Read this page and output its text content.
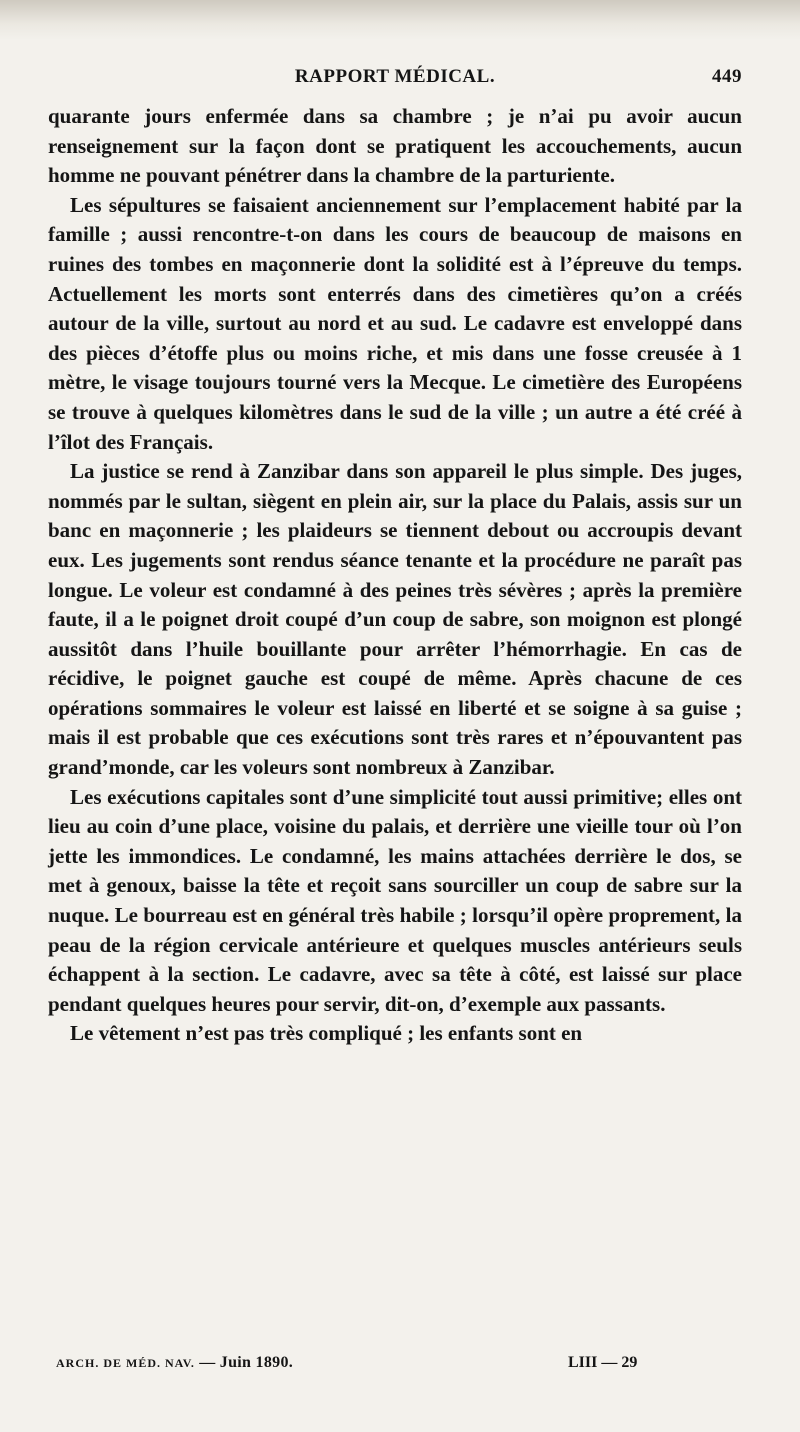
RAPPORT MÉDICAL.	449

quarante jours enfermée dans sa chambre ; je n’ai pu avoir aucun renseignement sur la façon dont se pratiquent les accouchements, aucun homme ne pouvant pénétrer dans la chambre de la parturiente.

Les sépultures se faisaient anciennement sur l’emplacement habité par la famille ; aussi rencontre-t-on dans les cours de beaucoup de maisons en ruines des tombes en maçonnerie dont la solidité est à l’épreuve du temps. Actuellement les morts sont enterrés dans des cimetières qu’on a créés autour de la ville, surtout au nord et au sud. Le cadavre est enveloppé dans des pièces d’étoffe plus ou moins riche, et mis dans une fosse creusée à 1 mètre, le visage toujours tourné vers la Mecque. Le cimetière des Européens se trouve à quelques kilomètres dans le sud de la ville ; un autre a été créé à l’îlot des Français.

La justice se rend à Zanzibar dans son appareil le plus simple. Des juges, nommés par le sultan, siègent en plein air, sur la place du Palais, assis sur un banc en maçonnerie ; les plaideurs se tiennent debout ou accroupis devant eux. Les jugements sont rendus séance tenante et la procédure ne paraît pas longue. Le voleur est condamné à des peines très sévères ; après la première faute, il a le poignet droit coupé d’un coup de sabre, son moignon est plongé aussitôt dans l’huile bouillante pour arrêter l’hémorrhagie. En cas de récidive, le poignet gauche est coupé de même. Après chacune de ces opérations sommaires le voleur est laissé en liberté et se soigne à sa guise ; mais il est probable que ces exécutions sont très rares et n’épouvantent pas grand’monde, car les voleurs sont nombreux à Zanzibar.

Les exécutions capitales sont d’une simplicité tout aussi primitive; elles ont lieu au coin d’une place, voisine du palais, et derrière une vieille tour où l’on jette les immondices. Le condamné, les mains attachées derrière le dos, se met à genoux, baisse la tête et reçoit sans sourciller un coup de sabre sur la nuque. Le bourreau est en général très habile ; lorsqu’il opère proprement, la peau de la région cervicale antérieure et quelques muscles antérieurs seuls échappent à la section. Le cadavre, avec sa tête à côté, est laissé sur place pendant quelques heures pour servir, dit-on, d’exemple aux passants.

Le vêtement n’est pas très compliqué ; les enfants sont en

ARCH. DE MÉD. NAV. — Juin 1890.	LIII — 29
